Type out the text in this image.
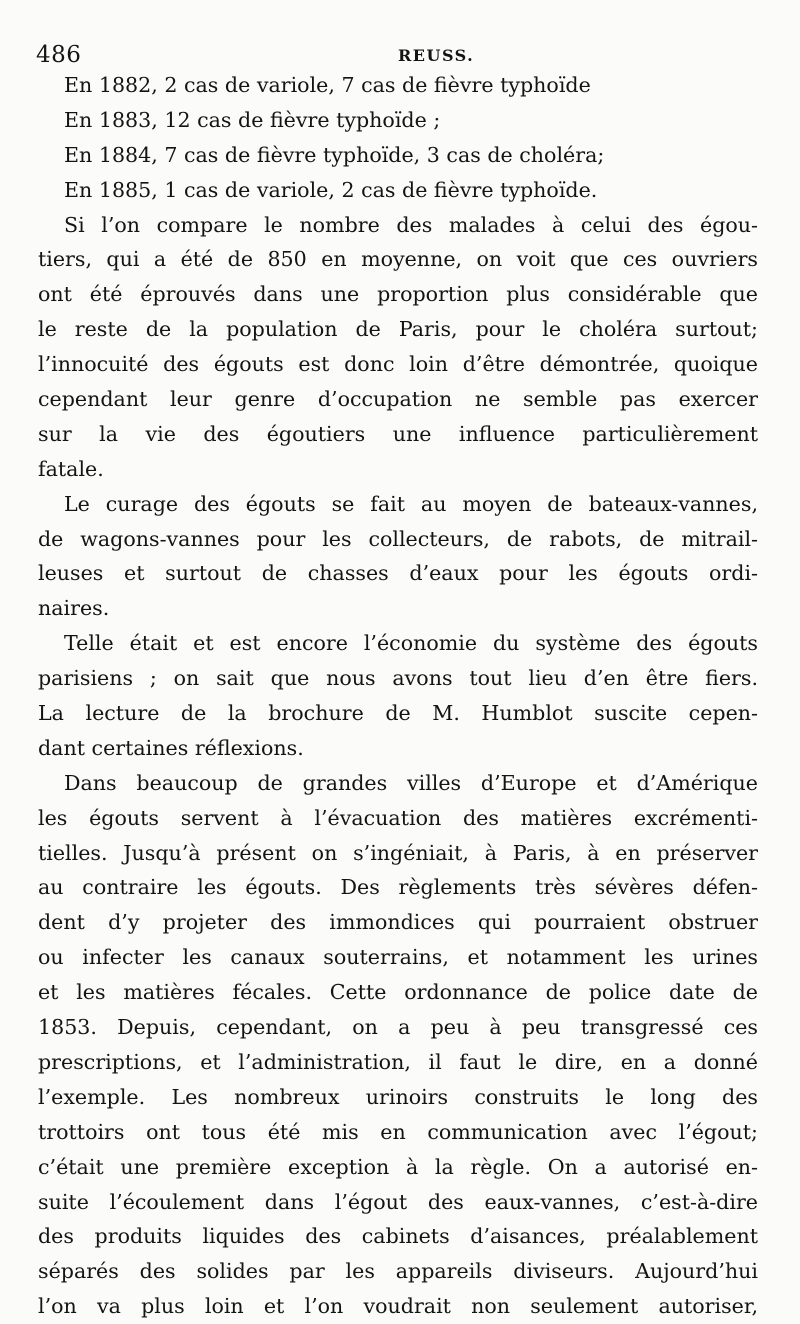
486	REUSS.
En 1882, 2 cas de variole, 7 cas de fièvre typhoïde
En 1883, 12 cas de fièvre typhoïde ;
En 1884, 7 cas de fièvre typhoïde, 3 cas de choléra;
En 1885, 1 cas de variole, 2 cas de fièvre typhoïde.
Si l’on compare le nombre des malades à celui des égou-
tiers, qui a été de 850 en moyenne, on voit que ces ouvriers
ont été éprouvés dans une proportion plus considérable que
le reste de la population de Paris, pour le choléra surtout;
l’innocuité des égouts est donc loin d’être démontrée, quoique
cependant leur genre d’occupation ne semble pas exercer
sur la vie des égoutiers une influence particulièrement
fatale.
Le curage des égouts se fait au moyen de bateaux-vannes,
de wagons-vannes pour les collecteurs, de rabots, de mitrail-
leuses et surtout de chasses d’eaux pour les égouts ordi-
naires.
Telle était et est encore l’économie du système des égouts
parisiens ; on sait que nous avons tout lieu d’en être fiers.
La lecture de la brochure de M. Humblot suscite cepen-
dant certaines réflexions.
Dans beaucoup de grandes villes d’Europe et d’Amérique
les égouts servent à l’évacuation des matières excrémenti-
tielles. Jusqu’à présent on s’ingéniait, à Paris, à en préserver
au contraire les égouts. Des règlements très sévères défen-
dent d’y projeter des immondices qui pourraient obstruer
ou infecter les canaux souterrains, et notamment les urines
et les matières fécales. Cette ordonnance de police date de
1853. Depuis, cependant, on a peu à peu transgressé ces
prescriptions, et l’administration, il faut le dire, en a donné
l’exemple. Les nombreux urinoirs construits le long des
trottoirs ont tous été mis en communication avec l’égout;
c’était une première exception à la règle. On a autorisé en-
suite l’écoulement dans l’égout des eaux-vannes, c’est-à-dire
des produits liquides des cabinets d’aisances, préalablement
séparés des solides par les appareils diviseurs. Aujourd’hui
l’on va plus loin et l’on voudrait non seulement autoriser,
